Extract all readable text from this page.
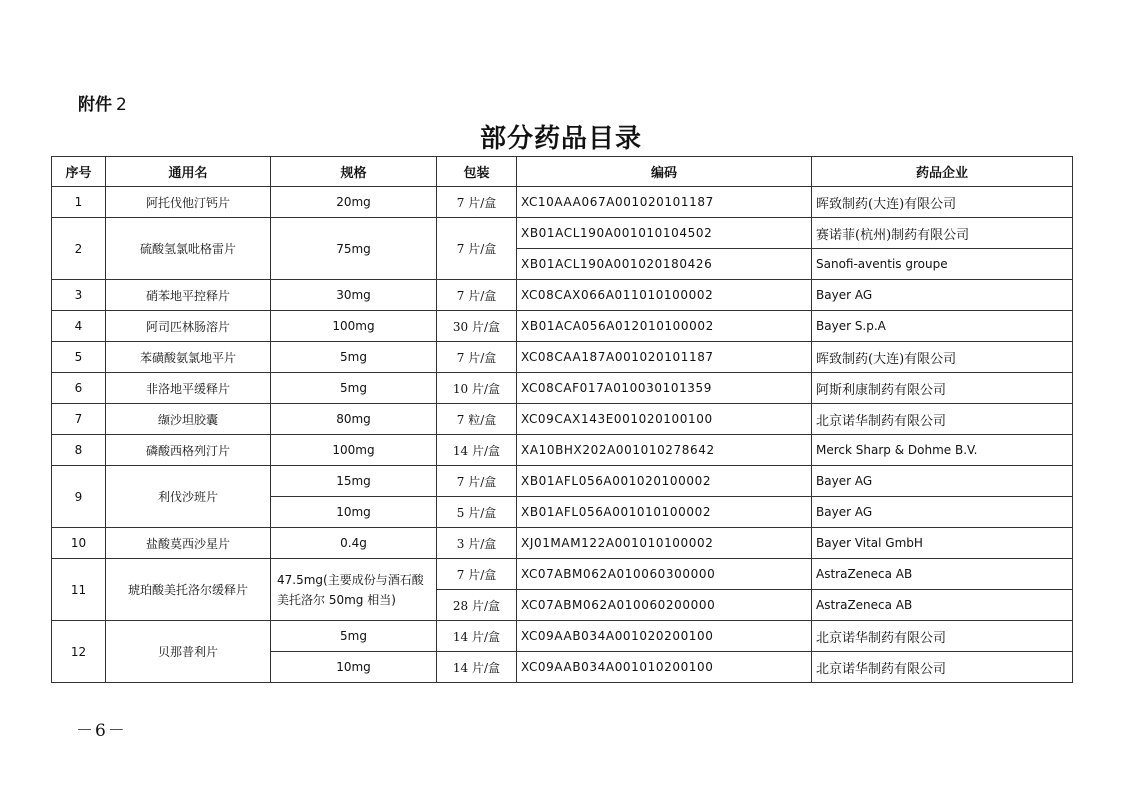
附件 2
部分药品目录
序号	通用名	规格	包装	编码	药品企业
1	阿托伐他汀钙片	20mg	7 片/盒	XC10AAA067A001020101187	晖致制药(大连)有限公司
2	硫酸氢氯吡格雷片	75mg	7 片/盒	XB01ACL190A001010104502	赛诺菲(杭州)制药有限公司
				XB01ACL190A001020180426	Sanofi-aventis groupe
3	硝苯地平控释片	30mg	7 片/盒	XC08CAX066A011010100002	Bayer AG
4	阿司匹林肠溶片	100mg	30 片/盒	XB01ACA056A012010100002	Bayer S.p.A
5	苯磺酸氨氯地平片	5mg	7 片/盒	XC08CAA187A001020101187	晖致制药(大连)有限公司
6	非洛地平缓释片	5mg	10 片/盒	XC08CAF017A010030101359	阿斯利康制药有限公司
7	缬沙坦胶囊	80mg	7 粒/盒	XC09CAX143E001020100100	北京诺华制药有限公司
8	磷酸西格列汀片	100mg	14 片/盒	XA10BHX202A001010278642	Merck Sharp & Dohme B.V.
9	利伐沙班片	15mg	7 片/盒	XB01AFL056A001020100002	Bayer AG
		10mg	5 片/盒	XB01AFL056A001010100002	Bayer AG
10	盐酸莫西沙星片	0.4g	3 片/盒	XJ01MAM122A001010100002	Bayer Vital GmbH
11	琥珀酸美托洛尔缓释片	47.5mg(主要成份与酒石酸美托洛尔 50mg 相当)	7 片/盒	XC07ABM062A010060300000	AstraZeneca AB
			28 片/盒	XC07ABM062A010060200000	AstraZeneca AB
12	贝那普利片	5mg	14 片/盒	XC09AAB034A001020200100	北京诺华制药有限公司
		10mg	14 片/盒	XC09AAB034A001010200100	北京诺华制药有限公司
－6－
